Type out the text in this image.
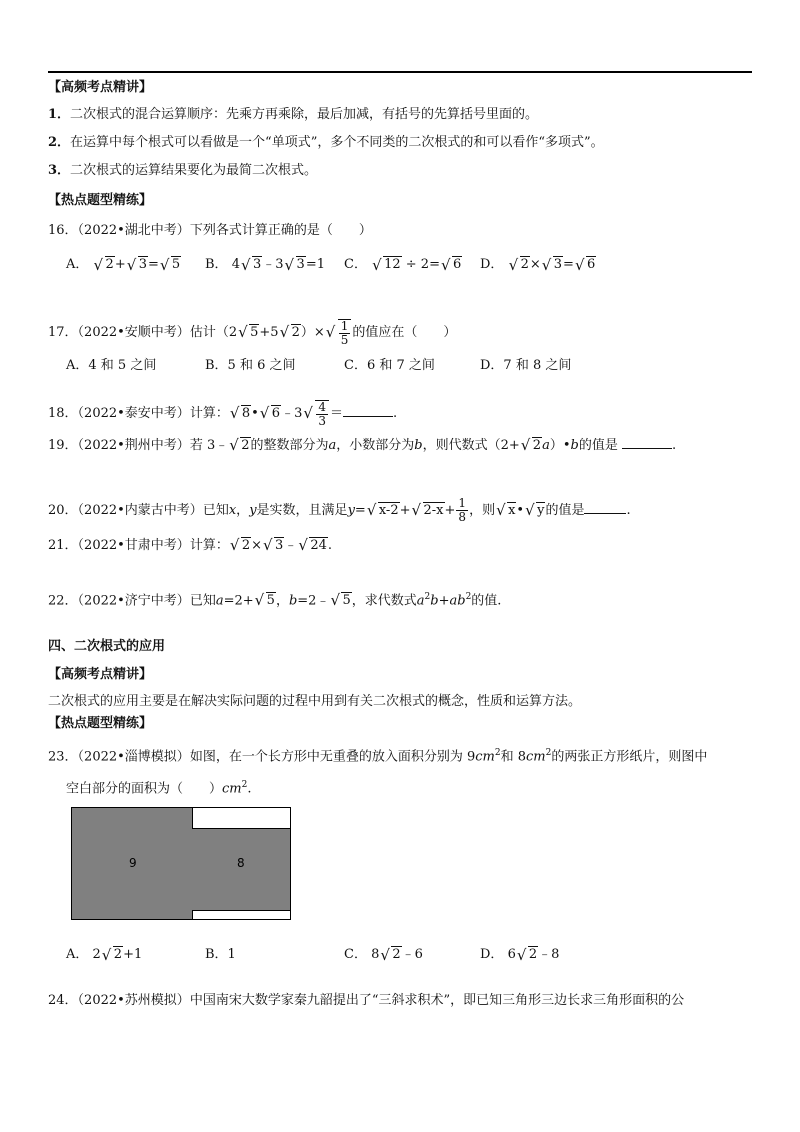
【高频考点精讲】
1．二次根式的混合运算顺序：先乘方再乘除，最后加减，有括号的先算括号里面的。
2．在运算中每个根式可以看做是一个“单项式”，多个不同类的二次根式的和可以看作“多项式”。
3．二次根式的运算结果要化为最简二次根式。
【热点题型精练】
16．（2022•湖北中考）下列各式计算正确的是（　　）
A． √ 2+ √ 3= √ 5 B． 4 √ 3﹣3 √ 3=1 C． √ 12 ÷ 2= √ 6 D． √ 2× √ 3= √ 6
17．（2022•安顺中考）估计（2 √ 5+5 √ 2）× √ $\frac{1}{5}$ 的值应在（　　）
A．4 和 5 之间	B．5 和 6 之间	C．6 和 7 之间	D．7 和 8 之间
18．（2022•泰安中考）计算： √ 8• √ 6﹣3 √ $\frac{4}{3}$ ＝	.
19．（2022•荆州中考）若 3﹣ √ 2的整数部分为a，小数部分为b，则代数式（2+ √ 2a）•b的值是	.
20．（2022•内蒙古中考）已知x，y是实数，且满足y= √ x-2+ √ $2-x+ \frac{1}{8}$ ，则 √ x• √ y的值是	.
21．（2022•甘肃中考）计算： √ 2× √ 3﹣ √ 24.
22．（2022•济宁中考）已知a=2+ √ 5，b=2﹣ √ 5，求代数式$a^2b+ab^2$的值.
四、二次根式的应用
【高频考点精讲】
二次根式的应用主要是在解决实际问题的过程中用到有关二次根式的概念，性质和运算方法。
【热点题型精练】
23．（2022•淄博模拟）如图，在一个长方形中无重叠的放入面积分别为 $9cm^2$和 $8cm^2$的两张正方形纸片，则图中
空白部分的面积为（　　）$cm^2$.
9	8
A． 2 √ 2+1	B．1	C． 8 √ 2﹣6	D． 6 √ 2﹣8
24．（2022•苏州模拟）中国南宋大数学家秦九韶提出了“三斜求积术”，即已知三角形三边长求三角形面积的公
